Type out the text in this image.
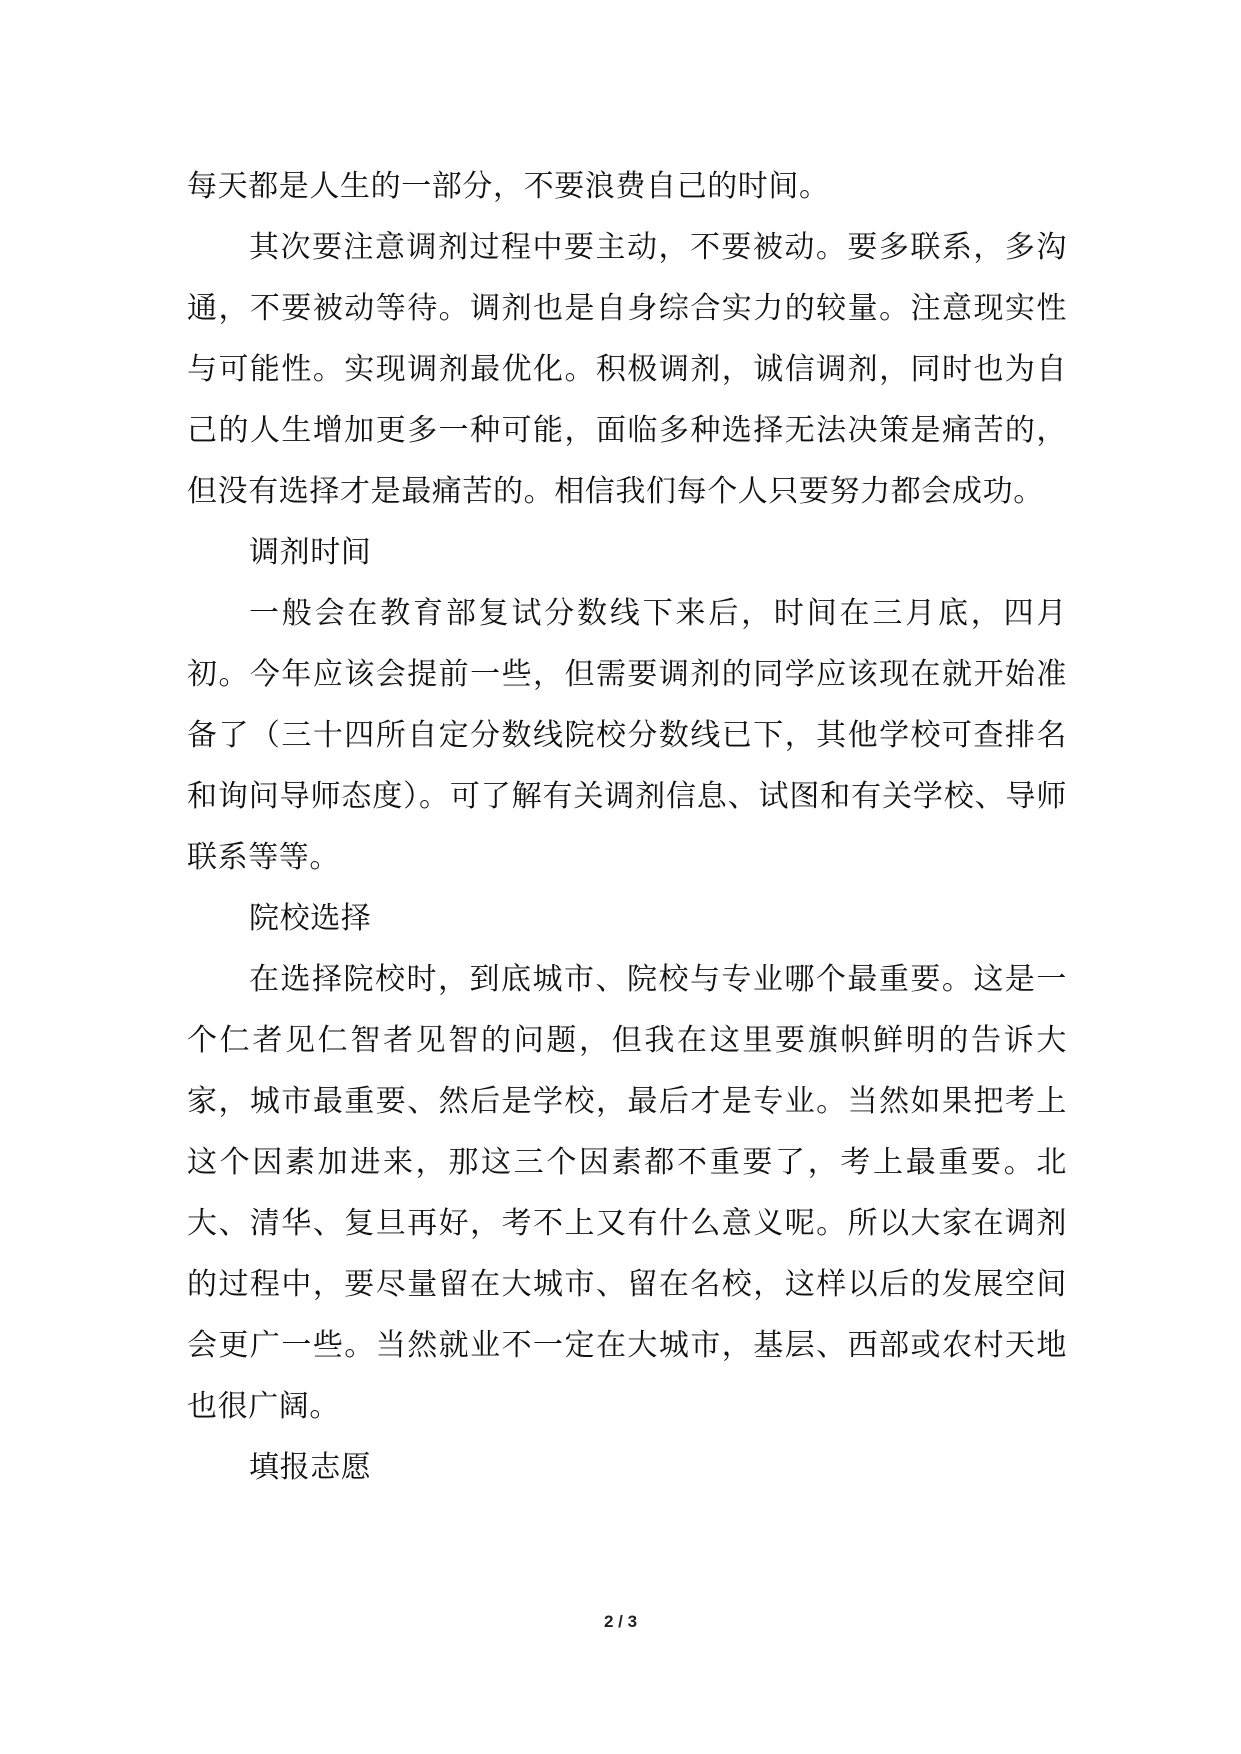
每天都是人生的一部分，不要浪费自己的时间。

其次要注意调剂过程中要主动，不要被动。要多联系，多沟通，不要被动等待。调剂也是自身综合实力的较量。注意现实性与可能性。实现调剂最优化。积极调剂，诚信调剂，同时也为自己的人生增加更多一种可能，面临多种选择无法决策是痛苦的，但没有选择才是最痛苦的。相信我们每个人只要努力都会成功。

调剂时间

一般会在教育部复试分数线下来后，时间在三月底，四月初。今年应该会提前一些，但需要调剂的同学应该现在就开始准备了（三十四所自定分数线院校分数线已下，其他学校可查排名和询问导师态度）。可了解有关调剂信息、试图和有关学校、导师联系等等。

院校选择

在选择院校时，到底城市、院校与专业哪个最重要。这是一个仁者见仁智者见智的问题，但我在这里要旗帜鲜明的告诉大家，城市最重要、然后是学校，最后才是专业。当然如果把考上这个因素加进来，那这三个因素都不重要了，考上最重要。北大、清华、复旦再好，考不上又有什么意义呢。所以大家在调剂的过程中，要尽量留在大城市、留在名校，这样以后的发展空间会更广一些。当然就业不一定在大城市，基层、西部或农村天地也很广阔。

填报志愿

2 / 3
